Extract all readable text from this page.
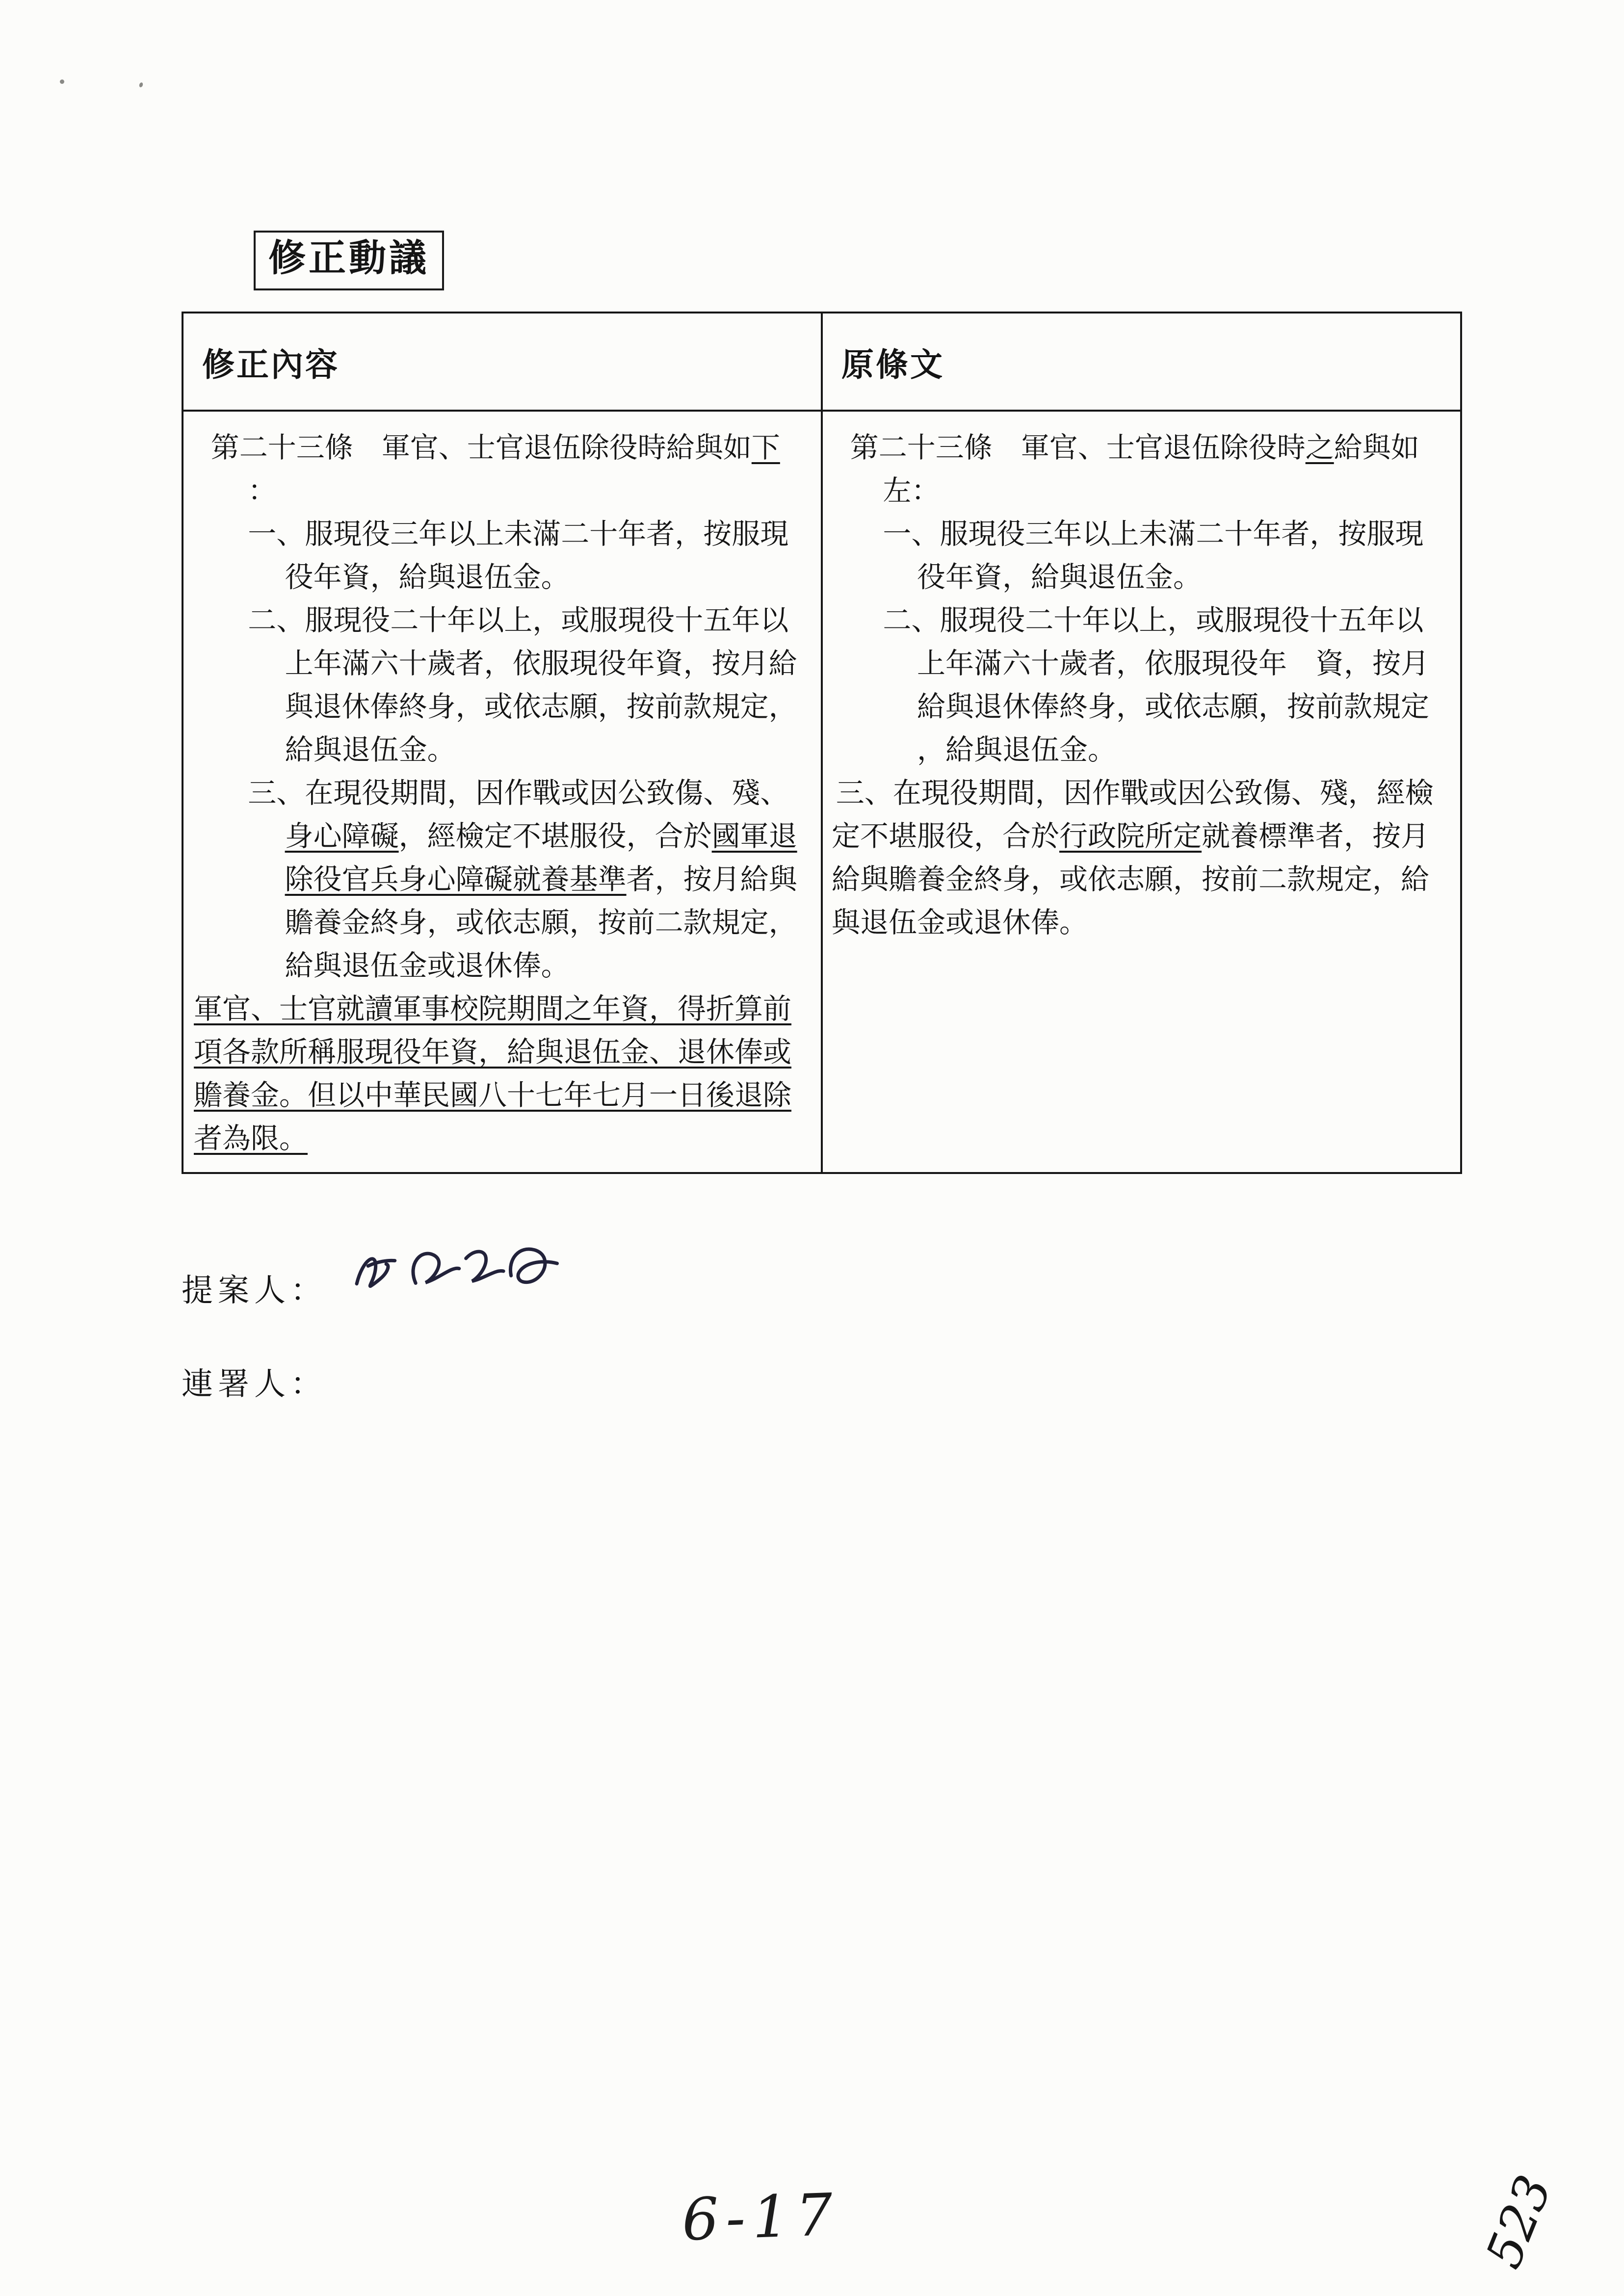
修正動議
修正內容
第二十三條　軍官、士官退伍除役時給與如下
：
一、服現役三年以上未滿二十年者，按服現
役年資，給與退伍金。
二、服現役二十年以上，或服現役十五年以
上年滿六十歲者，依服現役年資，按月給
與退休俸終身，或依志願，按前款規定，
給與退伍金。
三、在現役期間，因作戰或因公致傷、殘、
身心障礙，經檢定不堪服役，合於國軍退
除役官兵身心障礙就養基準者，按月給與
贍養金終身，或依志願，按前二款規定，
給與退伍金或退休俸。
軍官、士官就讀軍事校院期間之年資，得折算前
項各款所稱服現役年資，給與退伍金、退休俸或
贍養金。但以中華民國八十七年七月一日後退除
者為限。
原條文
第二十三條　軍官、士官退伍除役時之給與如
左：
一、服現役三年以上未滿二十年者，按服現
役年資，給與退伍金。
二、服現役二十年以上，或服現役十五年以
上年滿六十歲者，依服現役年　資，按月
給與退休俸終身，或依志願，按前款規定
，給與退伍金。
三、在現役期間，因作戰或因公致傷、殘，經檢
定不堪服役，合於行政院所定就養標準者，按月
給與贍養金終身，或依志願，按前二款規定，給
與退伍金或退休俸。
提案人：
連署人：
6-17	523
